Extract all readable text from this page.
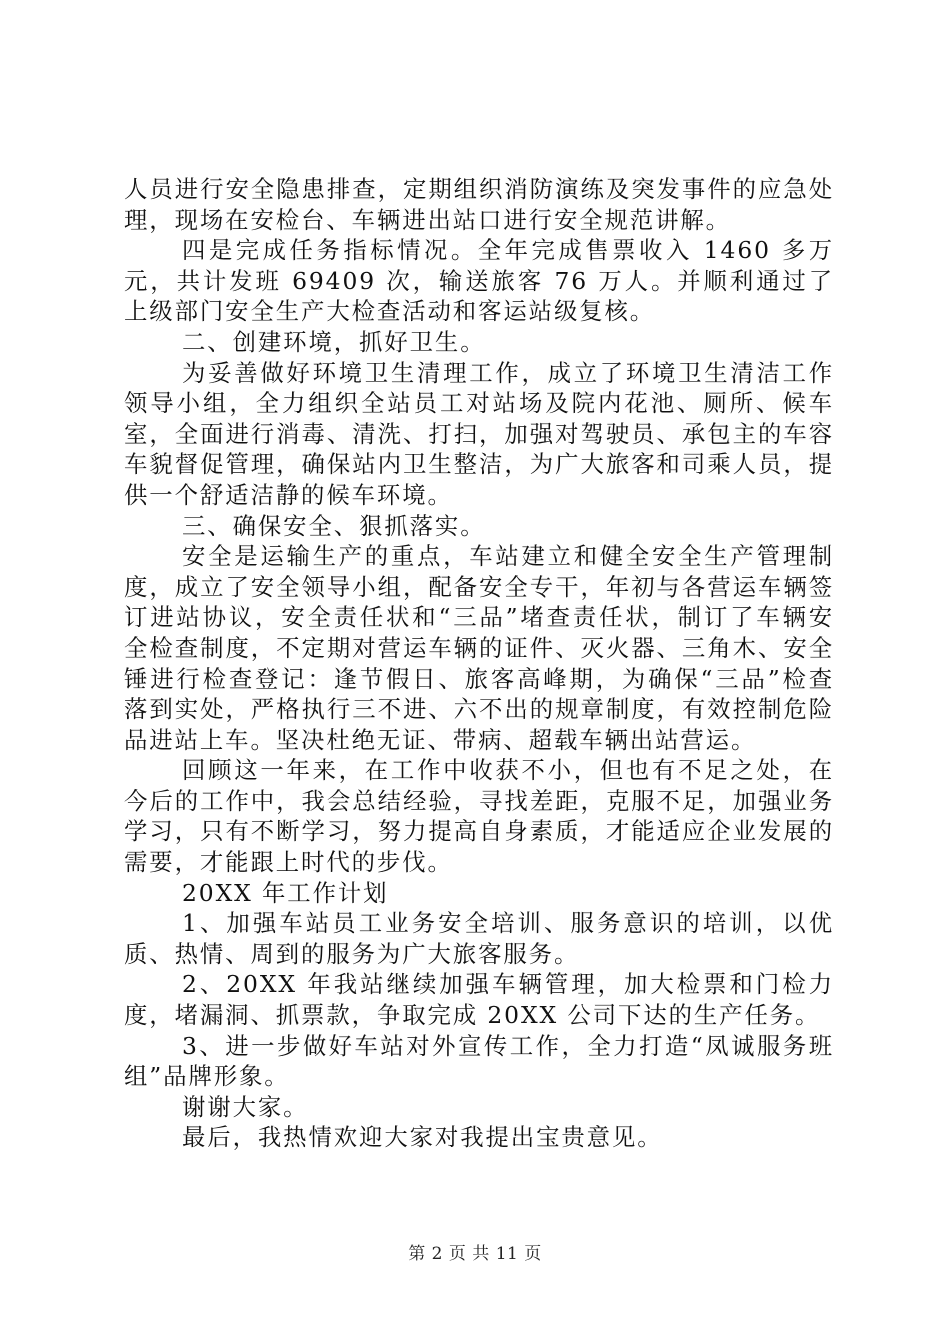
人员进行安全隐患排查，定期组织消防演练及突发事件的应急处理，现场在安检台、车辆进出站口进行安全规范讲解。

四是完成任务指标情况。全年完成售票收入 1460 多万元，共计发班 69409 次，输送旅客 76 万人。并顺利通过了上级部门安全生产大检查活动和客运站级复核。

二、创建环境，抓好卫生。

为妥善做好环境卫生清理工作，成立了环境卫生清洁工作领导小组，全力组织全站员工对站场及院内花池、厕所、候车室，全面进行消毒、清洗、打扫，加强对驾驶员、承包主的车容车貌督促管理，确保站内卫生整洁，为广大旅客和司乘人员，提供一个舒适洁静的候车环境。

三、确保安全、狠抓落实。

安全是运输生产的重点，车站建立和健全安全生产管理制度，成立了安全领导小组，配备安全专干，年初与各营运车辆签订进站协议，安全责任状和“三品”堵查责任状，制订了车辆安全检查制度，不定期对营运车辆的证件、灭火器、三角木、安全锤进行检查登记：逢节假日、旅客高峰期，为确保“三品”检查落到实处，严格执行三不进、六不出的规章制度，有效控制危险品进站上车。坚决杜绝无证、带病、超载车辆出站营运。

回顾这一年来，在工作中收获不小，但也有不足之处，在今后的工作中，我会总结经验，寻找差距，克服不足，加强业务学习，只有不断学习，努力提高自身素质，才能适应企业发展的需要，才能跟上时代的步伐。

20XX 年工作计划

1、加强车站员工业务安全培训、服务意识的培训，以优质、热情、周到的服务为广大旅客服务。

2、20XX 年我站继续加强车辆管理，加大检票和门检力度，堵漏洞、抓票款，争取完成 20XX 公司下达的生产任务。

3、进一步做好车站对外宣传工作，全力打造“凤诚服务班组”品牌形象。

谢谢大家。

最后，我热情欢迎大家对我提出宝贵意见。

第 2 页 共 11 页
